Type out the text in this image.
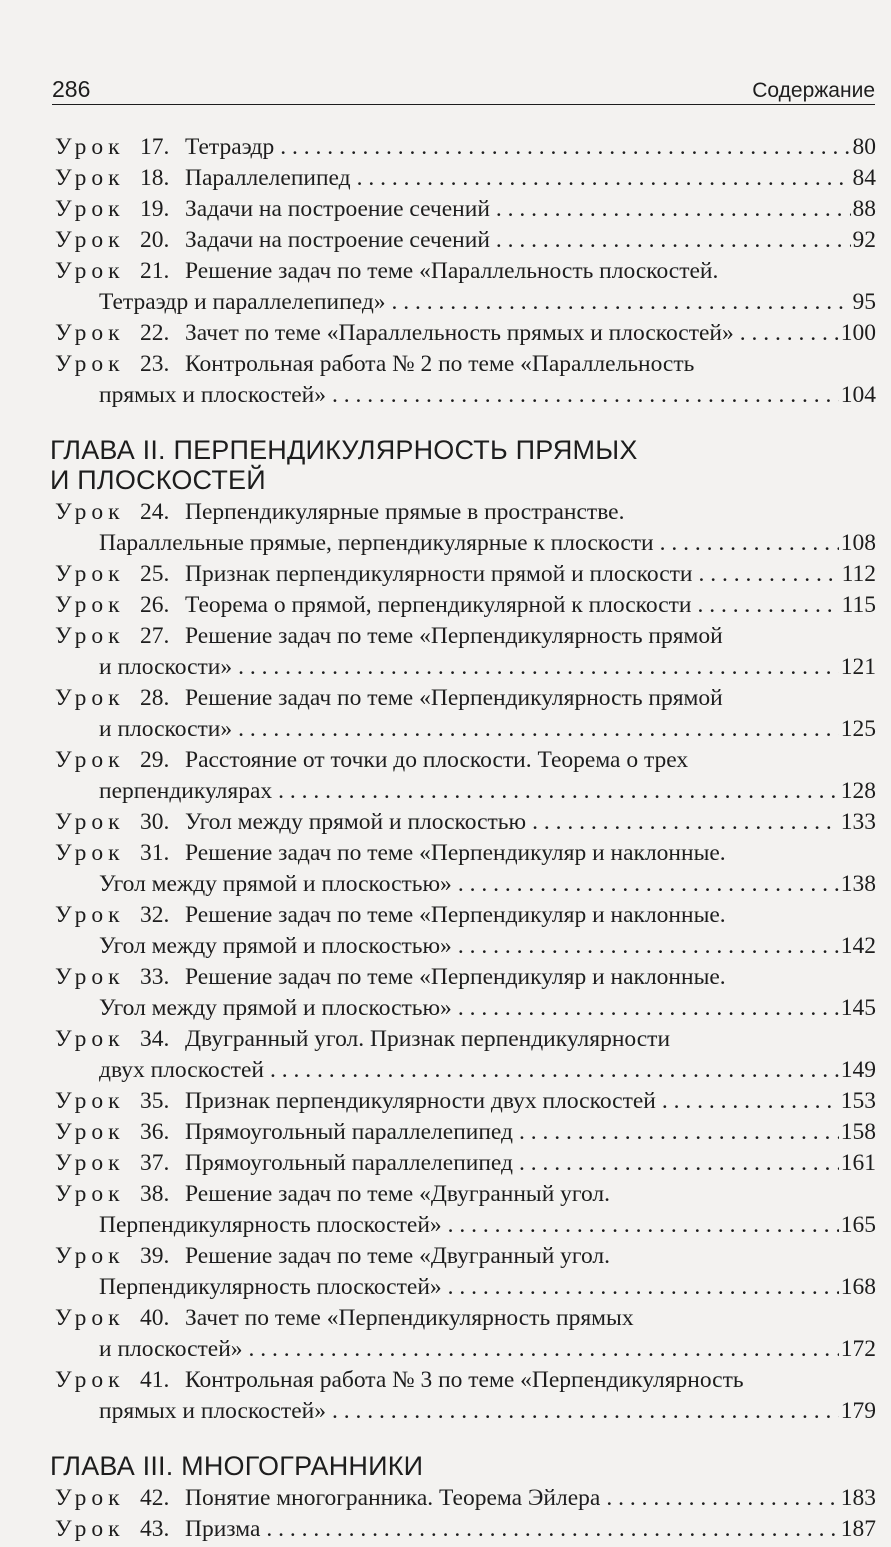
286	Содержание
Урок 17. Тетраэдр . . .	80
Урок 18. Параллелепипед . . .	84
Урок 19. Задачи на построение сечений . . .	88
Урок 20. Задачи на построение сечений . . .	92
Урок 21. Решение задач по теме «Параллельность плоскостей.
Тетраэдр и параллелепипед» . . .	95
Урок 22. Зачет по теме «Параллельность прямых и плоскостей» . . .	100
Урок 23. Контрольная работа № 2 по теме «Параллельность
прямых и плоскостей» . . .	104
ГЛАВА II. ПЕРПЕНДИКУЛЯРНОСТЬ ПРЯМЫХ
И ПЛОСКОСТЕЙ
Урок 24. Перпендикулярные прямые в пространстве.
Параллельные прямые, перпендикулярные к плоскости . . .	108
Урок 25. Признак перпендикулярности прямой и плоскости . . .	112
Урок 26. Теорема о прямой, перпендикулярной к плоскости . . .	115
Урок 27. Решение задач по теме «Перпендикулярность прямой
и плоскости» . . .	121
Урок 28. Решение задач по теме «Перпендикулярность прямой
и плоскости» . . .	125
Урок 29. Расстояние от точки до плоскости. Теорема о трех
перпендикулярах . . .	128
Урок 30. Угол между прямой и плоскостью . . .	133
Урок 31. Решение задач по теме «Перпендикуляр и наклонные.
Угол между прямой и плоскостью» . . .	138
Урок 32. Решение задач по теме «Перпендикуляр и наклонные.
Угол между прямой и плоскостью» . . .	142
Урок 33. Решение задач по теме «Перпендикуляр и наклонные.
Угол между прямой и плоскостью» . . .	145
Урок 34. Двугранный угол. Признак перпендикулярности
двух плоскостей . . .	149
Урок 35. Признак перпендикулярности двух плоскостей . . .	153
Урок 36. Прямоугольный параллелепипед . . .	158
Урок 37. Прямоугольный параллелепипед . . .	161
Урок 38. Решение задач по теме «Двугранный угол.
Перпендикулярность плоскостей» . . .	165
Урок 39. Решение задач по теме «Двугранный угол.
Перпендикулярность плоскостей» . . .	168
Урок 40. Зачет по теме «Перпендикулярность прямых
и плоскостей» . . .	172
Урок 41. Контрольная работа № 3 по теме «Перпендикулярность
прямых и плоскостей» . . .	179
ГЛАВА III. МНОГОГРАННИКИ
Урок 42. Понятие многогранника. Теорема Эйлера . . .	183
Урок 43. Призма . . .	187
